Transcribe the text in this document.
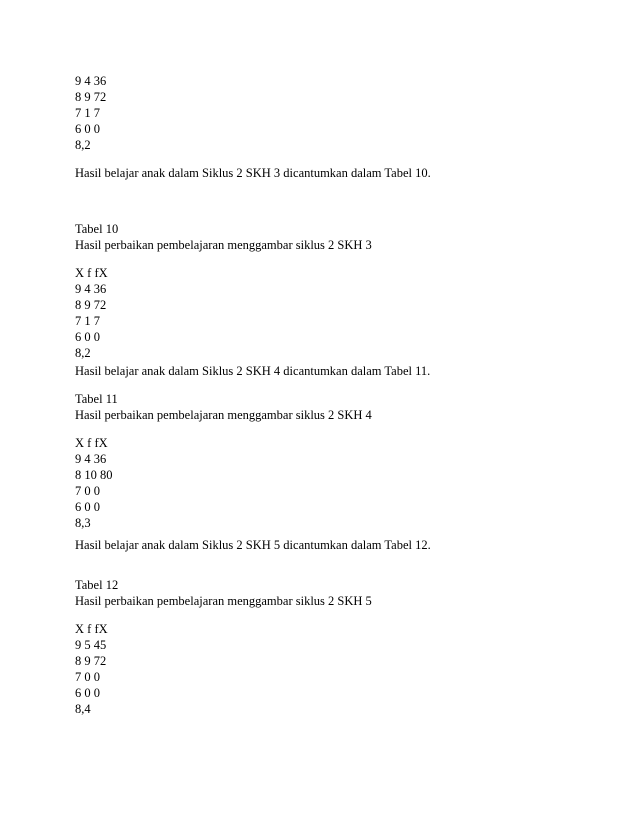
9 4 36
8 9 72
7 1 7
6 0 0
8,2
Hasil belajar anak dalam Siklus 2 SKH 3 dicantumkan dalam Tabel 10.
Tabel 10
Hasil perbaikan pembelajaran menggambar siklus 2 SKH 3
X f fX
9 4 36
8 9 72
7 1 7
6 0 0
8,2
Hasil belajar anak dalam Siklus 2 SKH 4 dicantumkan dalam Tabel 11.
Tabel 11
Hasil perbaikan pembelajaran menggambar siklus 2 SKH 4
X f fX
9 4 36
8 10 80
7 0 0
6 0 0
8,3
Hasil belajar anak dalam Siklus 2 SKH 5 dicantumkan dalam Tabel 12.
Tabel 12
Hasil perbaikan pembelajaran menggambar siklus 2 SKH 5
X f fX
9 5 45
8 9 72
7 0 0
6 0 0
8,4
